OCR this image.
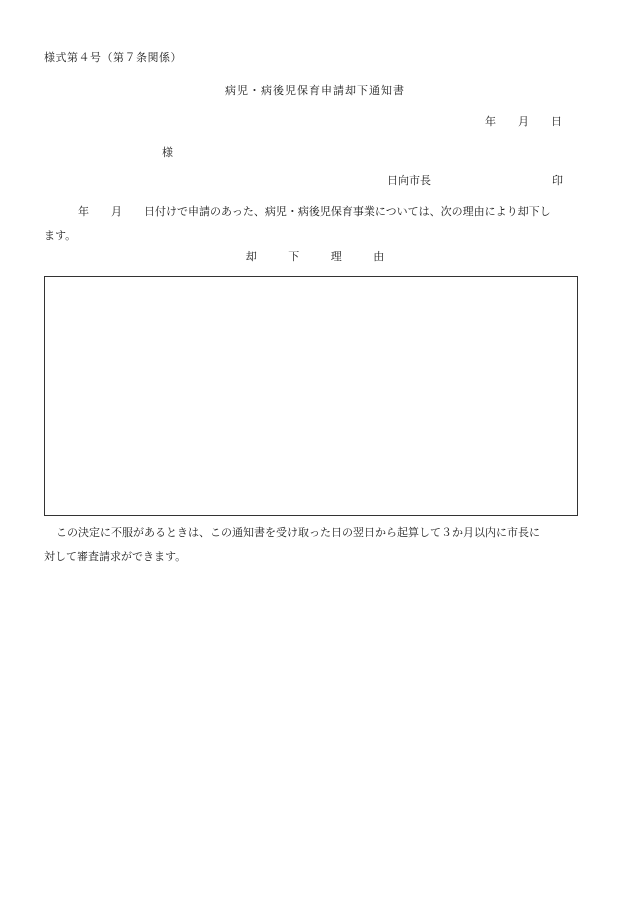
様式第４号（第７条関係）
病児・病後児保育申請却下通知書
年 月 日
様
日向市長	印
年 月 日付けで申請のあった、病児・病後児保育事業については、次の理由により却下し
ます。
却	下	理	由
この決定に不服があるときは、この通知書を受け取った日の翌日から起算して３か月以内に市長に
対して審査請求ができます。
